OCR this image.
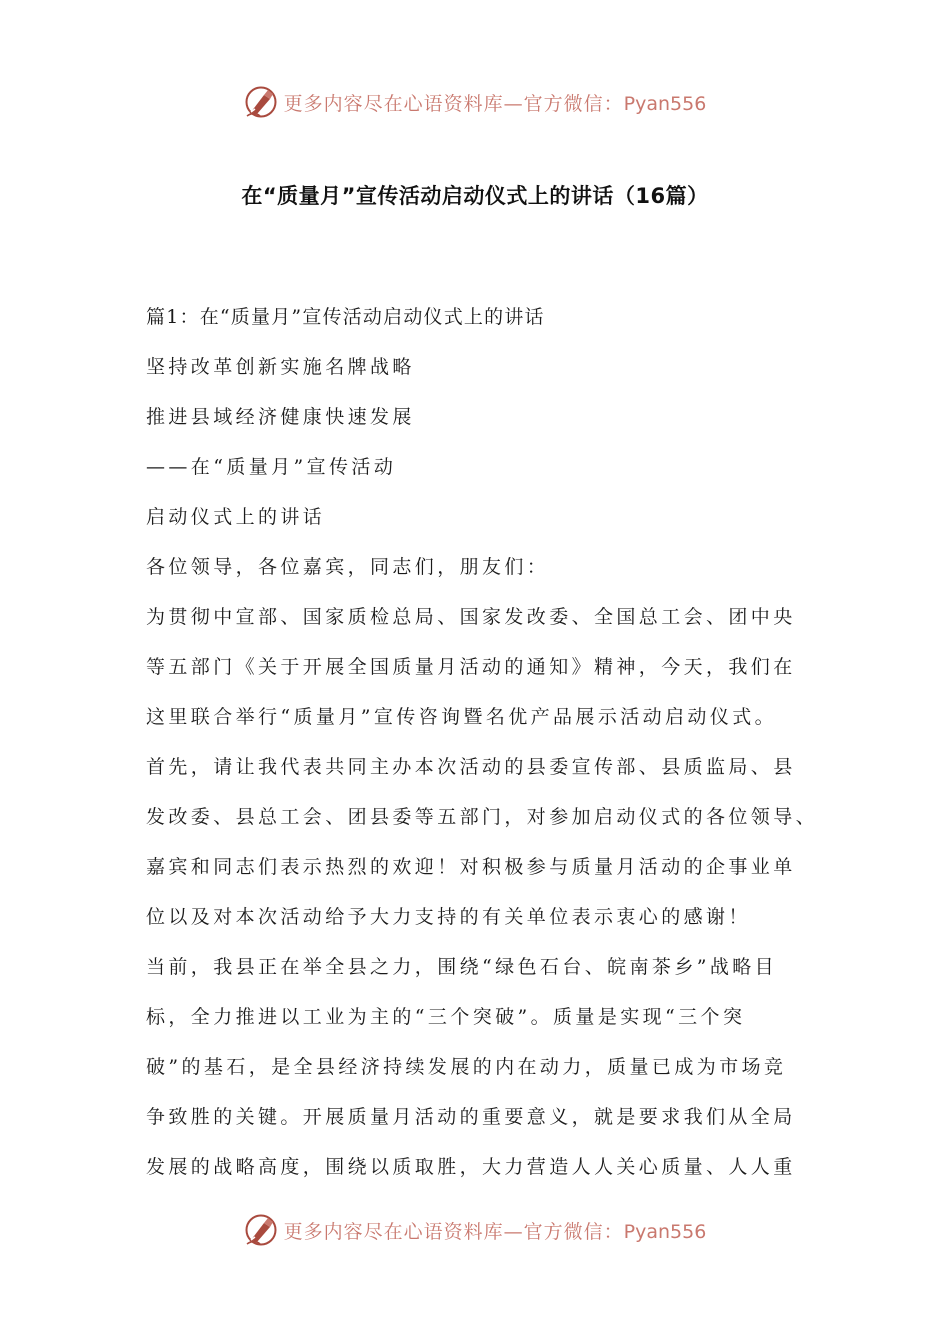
更多内容尽在心语资料库—官方微信：Pyan556
在“质量月”宣传活动启动仪式上的讲话（16篇）
篇1：在“质量月”宣传活动启动仪式上的讲话
坚持改革创新实施名牌战略
推进县域经济健康快速发展
——在“质量月”宣传活动
启动仪式上的讲话
各位领导，各位嘉宾，同志们，朋友们：
为贯彻中宣部、国家质检总局、国家发改委、全国总工会、团中央
等五部门《关于开展全国质量月活动的通知》精神，今天，我们在
这里联合举行“质量月”宣传咨询暨名优产品展示活动启动仪式。
首先，请让我代表共同主办本次活动的县委宣传部、县质监局、县
发改委、县总工会、团县委等五部门，对参加启动仪式的各位领导、
嘉宾和同志们表示热烈的欢迎！对积极参与质量月活动的企事业单
位以及对本次活动给予大力支持的有关单位表示衷心的感谢！
当前，我县正在举全县之力，围绕“绿色石台、皖南茶乡”战略目
标，全力推进以工业为主的“三个突破”。质量是实现“三个突
破”的基石，是全县经济持续发展的内在动力，质量已成为市场竞
争致胜的关键。开展质量月活动的重要意义，就是要求我们从全局
发展的战略高度，围绕以质取胜，大力营造人人关心质量、人人重
更多内容尽在心语资料库—官方微信：Pyan556
